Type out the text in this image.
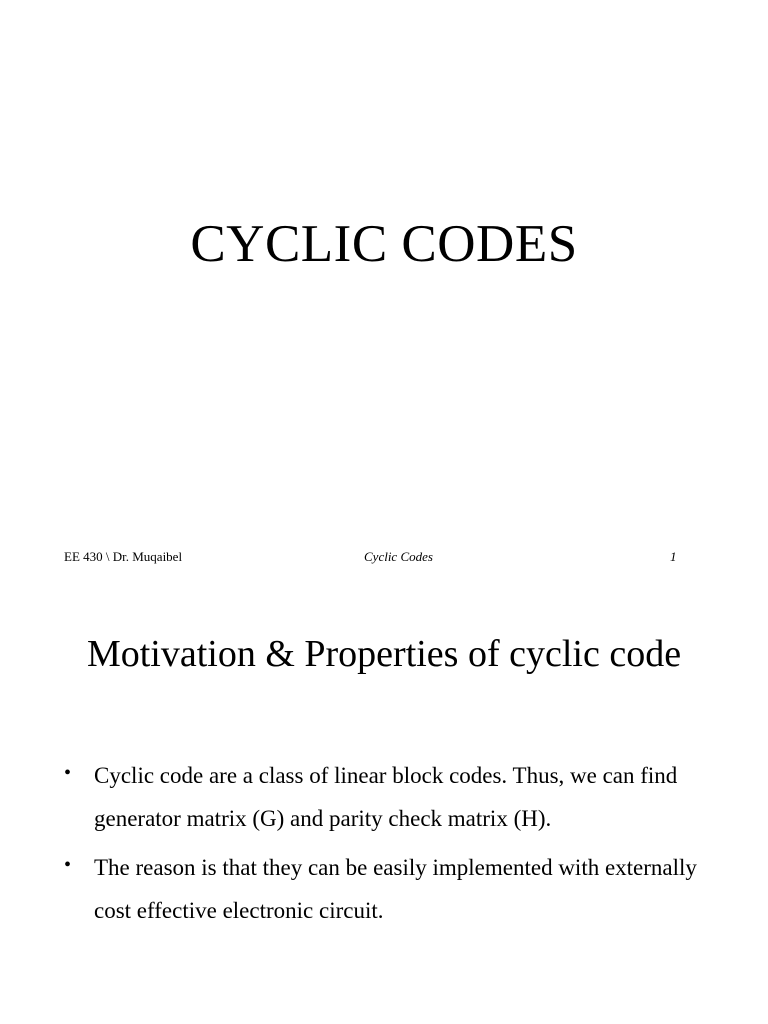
CYCLIC CODES
EE 430 \ Dr. Muqaibel	Cyclic Codes	1
Motivation & Properties of cyclic code
• Cyclic code are a class of linear block codes. Thus, we can find generator matrix (G) and parity check matrix (H).
• The reason is that they can be easily implemented with externally cost effective electronic circuit.
